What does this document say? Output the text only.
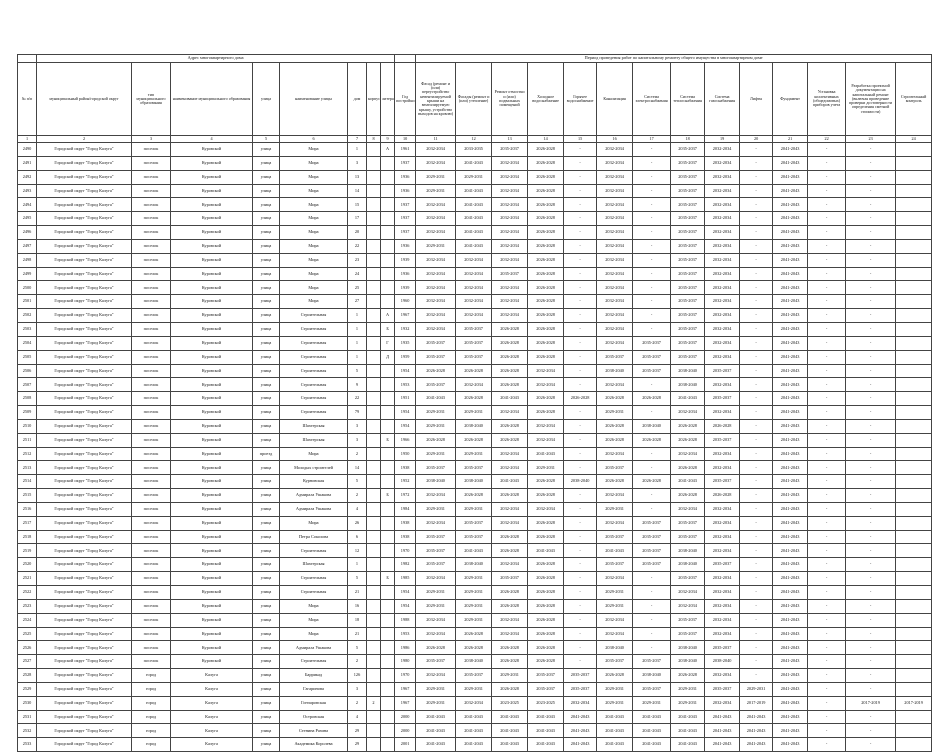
	Адрес многоквартирного дома									Период проведения работ по капитальному ремонту общего имущества в многоквартирном доме													
№ п/п	муниципальный район/городской округ	тип муниципального образования	наименование муниципального образования	улица	наименование улицы	дом	корпус	литера	Год постройки	Фасад (ремонт и (или) переустройство невентилируемой крыши на вентилируемую крышу, устройство выходов на кровлю)	Фасады (ремонт и (или) утепление)	Ремонт отмостки и (или) подвальных помещений	Холодное водоснабжение	Горячее водоснабжение	Канализация	Система электроснабжения	Система теплоснабжения	Система газоснабжения	Лифты	Фундамент	Установка коллективных (общедомовых) приборов учета	Разработка проектной документации на капитальный ремонт (включая проведение проверки достоверности определения сметной стоимости)	Строительный контроль
1	2	3	4	5	6	7	8	9	10	11	12	13	14	15	16	17	18	19	20	21	22	23	24
2490	Городской округ "Город Калуга"	поселок	Куровской	улица	Мира	1		А	1961	2032-2034	2033-2035	2035-2037	2026-2028	-	2032-2034	-	2035-2037	2032-2034	-	2041-2043	-	-	
2491	Городской округ "Город Калуга"	поселок	Куровской	улица	Мира	3			1937	2032-2034	2041-2043	2032-2034	2026-2028	-	2032-2034	-	2035-2037	2032-2034	-	2041-2043	-	-	
2492	Городской округ "Город Калуга"	поселок	Куровской	улица	Мира	13			1936	2029-2031	2029-2031	2032-2034	2026-2028	-	2032-2034	-	2035-2037	2032-2034	-	2041-2043	-	-	
2493	Городской округ "Город Калуга"	поселок	Куровской	улица	Мира	14			1936	2029-2031	2041-2043	2032-2034	2026-2028	-	2032-2034	-	2035-2037	2032-2034	-	2041-2043	-	-	
2494	Городской округ "Город Калуга"	поселок	Куровской	улица	Мира	15			1937	2032-2034	2041-2043	2032-2034	2026-2028	-	2032-2034	-	2035-2037	2032-2034	-	2041-2043	-	-	
2495	Городской округ "Город Калуга"	поселок	Куровской	улица	Мира	17			1937	2032-2034	2041-2043	2032-2034	2026-2028	-	2032-2034	-	2035-2037	2032-2034	-	2041-2043	-	-	
2496	Городской округ "Город Калуга"	поселок	Куровской	улица	Мира	20			1937	2032-2034	2041-2043	2032-2034	2026-2028	-	2032-2034	-	2035-2037	2032-2034	-	2041-2043	-	-	
2497	Городской округ "Город Калуга"	поселок	Куровской	улица	Мира	22			1936	2029-2031	2041-2043	2032-2034	2026-2028	-	2032-2034	-	2035-2037	2032-2034	-	2041-2043	-	-	
2498	Городской округ "Город Калуга"	поселок	Куровской	улица	Мира	23			1939	2032-2034	2032-2034	2032-2034	2026-2028	-	2032-2034	-	2035-2037	2032-2034	-	2041-2043	-	-	
2499	Городской округ "Город Калуга"	поселок	Куровской	улица	Мира	24			1936	2032-2034	2032-2034	2035-2037	2026-2028	-	2032-2034	-	2035-2037	2032-2034	-	2041-2043	-	-	
2500	Городской округ "Город Калуга"	поселок	Куровской	улица	Мира	25			1939	2032-2034	2032-2034	2032-2034	2026-2028	-	2032-2034	-	2035-2037	2032-2034	-	2041-2043	-	-	
2501	Городской округ "Город Калуга"	поселок	Куровской	улица	Мира	27			1960	2032-2034	2032-2034	2032-2034	2026-2028	-	2032-2034	-	2035-2037	2032-2034	-	2041-2043	-	-	
2502	Городской округ "Город Калуга"	поселок	Куровской	улица	Строительная	1		А	1967	2032-2034	2032-2034	2032-2034	2026-2028	-	2032-2034	-	2035-2037	2032-2034	-	2041-2043	-	-	
2503	Городской округ "Город Калуга"	поселок	Куровской	улица	Строительная	1		Б	1932	2032-2034	2035-2037	2026-2028	2026-2028	-	2032-2034	-	2035-2037	2032-2034	-	2041-2043	-	-	
2504	Городской округ "Город Калуга"	поселок	Куровской	улица	Строительная	1		Г	1935	2035-2037	2035-2037	2026-2028	2026-2028	-	2032-2034	2035-2037	2035-2037	2032-2034	-	2041-2043	-	-	
2505	Городской округ "Город Калуга"	поселок	Куровской	улица	Строительная	1		Д	1959	2035-2037	2035-2037	2026-2028	2026-2028	-	2035-2037	2035-2037	2035-2037	2032-2034	-	2041-2043	-	-	
2506	Городской округ "Город Калуга"	поселок	Куровской	улица	Строительная	5			1954	2026-2028	2026-2028	2026-2028	2032-2034	-	2038-2040	2035-2037	2038-2040	2035-2037	-	2041-2043	-	-	
2507	Городской округ "Город Калуга"	поселок	Куровской	улица	Строительная	9			1953	2035-2037	2032-2034	2026-2028	2032-2034	-	2032-2034	-	2038-2040	2032-2034	-	2041-2043	-	-	
2508	Городской округ "Город Калуга"	поселок	Куровской	улица	Строительная	22			1951	2041-2043	2026-2028	2041-2043	2026-2028	2026-2028	2026-2028	2026-2028	2041-2043	2035-2037	-	2041-2043	-	-	
2509	Городской округ "Город Калуга"	поселок	Куровской	улица	Строительная	79			1954	2029-2031	2029-2031	2032-2034	2026-2028	-	2029-2031	-	2032-2034	2032-2034	-	2041-2043	-	-	
2510	Городской округ "Город Калуга"	поселок	Куровской	улица	Шахтерская	3			1954	2029-2031	2038-2040	2026-2028	2032-2034	-	2026-2028	2038-2040	2026-2028	2026-2028	-	2041-2043	-	-	
2511	Городской округ "Город Калуга"	поселок	Куровской	улица	Шахтерская	3		Б	1966	2026-2028	2026-2028	2026-2028	2032-2034	-	2026-2028	2026-2028	2026-2028	2035-2037	-	2041-2043	-	-	
2512	Городской округ "Город Калуга"	поселок	Куровской	проезд	Мира	2			1950	2029-2031	2029-2031	2032-2034	2041-2043	-	2032-2034	-	2032-2034	2032-2034	-	2041-2043	-	-	
2513	Городской округ "Город Калуга"	поселок	Куровской	улица	Молодых строителей	14			1938	2035-2037	2035-2037	2032-2034	2029-2031	-	2035-2037	-	2026-2028	2032-2034	-	2041-2043	-	-	
2514	Городской округ "Город Калуга"	поселок	Куровской	улица	Курновская	5			1952	2038-2040	2038-2040	2041-2043	2026-2028	2038-2040	2026-2028	2026-2028	2041-2043	2035-2037	-	2041-2043	-	-	
2515	Городской округ "Город Калуга"	поселок	Куровской	улица	Адмирала Ушакова	2		Б	1972	2032-2034	2026-2028	2026-2028	2026-2028	-	2032-2034	-	2026-2028	2026-2028	-	2041-2043	-	-	
2516	Городской округ "Город Калуга"	поселок	Куровской	улица	Адмирала Ушакова	4			1984	2029-2031	2029-2031	2032-2034	2032-2034	-	2029-2031	-	2032-2034	2032-2034	-	2041-2043	-	-	
2517	Городской округ "Город Калуга"	поселок	Куровской	улица	Мира	26			1938	2032-2034	2035-2037	2032-2034	2026-2028	-	2032-2034	2035-2037	2035-2037	2032-2034	-	2041-2043	-	-	
2518	Городской округ "Город Калуга"	поселок	Куровской	улица	Петра Соколова	6			1938	2035-2037	2035-2037	2026-2028	2026-2028	-	2035-2037	2035-2037	2035-2037	2032-2034	-	2041-2043	-	-	
2519	Городской округ "Город Калуга"	поселок	Куровской	улица	Строительная	12			1970	2035-2037	2041-2043	2026-2028	2041-2043	-	2041-2043	2035-2037	2038-2040	2032-2034	-	2041-2043	-	-	
2520	Городской округ "Город Калуга"	поселок	Куровской	улица	Шахтерская	1			1982	2035-2037	2038-2040	2032-2034	2026-2028	-	2035-2037	2035-2037	2038-2040	2035-2037	-	2041-2043	-	-	
2521	Городской округ "Город Калуга"	поселок	Куровской	улица	Строительная	5		Б	1985	2032-2034	2029-2031	2035-2037	2026-2028	-	2032-2034	-	2035-2037	2032-2034	-	2041-2043	-	-	
2522	Городской округ "Город Калуга"	поселок	Куровской	улица	Строительная	21			1954	2029-2031	2029-2031	2026-2028	2026-2028	-	2029-2031	-	2032-2034	2032-2034	-	2041-2043	-	-	
2523	Городской округ "Город Калуга"	поселок	Куровской	улица	Мира	16			1954	2029-2031	2029-2031	2026-2028	2026-2028	-	2029-2031	-	2032-2034	2032-2034	-	2041-2043	-	-	
2524	Городской округ "Город Калуга"	поселок	Куровской	улица	Мира	18			1988	2032-2034	2029-2031	2032-2034	2026-2028	-	2032-2034	-	2035-2037	2032-2034	-	2041-2043	-	-	
2525	Городской округ "Город Калуга"	поселок	Куровской	улица	Мира	21			1953	2032-2034	2026-2028	2032-2034	2026-2028	-	2032-2034	-	2035-2037	2032-2034	-	2041-2043	-	-	
2526	Городской округ "Город Калуга"	поселок	Куровской	улица	Адмирала Ушакова	5			1986	2026-2028	2026-2028	2026-2028	2026-2028	-	2038-2040	-	2038-2040	2035-2037	-	2041-2043	-	-	
2527	Городской округ "Город Калуга"	поселок	Куровской	улица	Строительная	2			1980	2035-2037	2038-2040	2026-2028	2026-2028	-	2035-2037	2035-2037	2038-2040	2038-2040	-	2041-2043	-	-	
2528	Городской округ "Город Калуга"	город	Калуга	улица	Баррикад	126			1970	2032-2034	2035-2037	2029-2031	2035-2037	2035-2037	2026-2028	2038-2040	2026-2028	2032-2034	-	2041-2043	-	-	
2529	Городской округ "Город Калуга"	город	Калуга	улица	Гагаринова	3			1967	2029-2031	2029-2031	2026-2028	2035-2037	2035-2037	2029-2031	2035-2037	2029-2031	2035-2037	2029-2031	2041-2043	-	-	
2530	Городской округ "Город Калуга"	город	Калуга	улица	Гончаровская	2	2		1967	2029-2031	2032-2034	2023-2025	2023-2025	2032-2034	2029-2031	2029-2031	2029-2031	2032-2034	2017-2019	2041-2043	-	2017-2019	2017-2019
2531	Городской округ "Город Калуга"	город	Калуга	улица	Островская	4			2000	2041-2043	2041-2043	2041-2043	2041-2043	2041-2043	2041-2043	2041-2043	2041-2043	2041-2043	2041-2043	2041-2043	-	-	
2532	Городской округ "Город Калуга"	город	Калуга	улица	Стенина Разина	29			2000	2041-2043	2041-2043	2041-2043	2041-2043	2041-2043	2041-2043	2041-2043	2041-2043	2041-2043	2041-2043	2041-2043	-	-	
2533	Городской округ "Город Калуга"	город	Калуга	улица	Академика Королева	29			2001	2041-2043	2041-2043	2041-2043	2041-2043	2041-2043	2041-2043	2041-2043	2041-2043	2041-2043	2041-2043	2041-2043	-	-	
